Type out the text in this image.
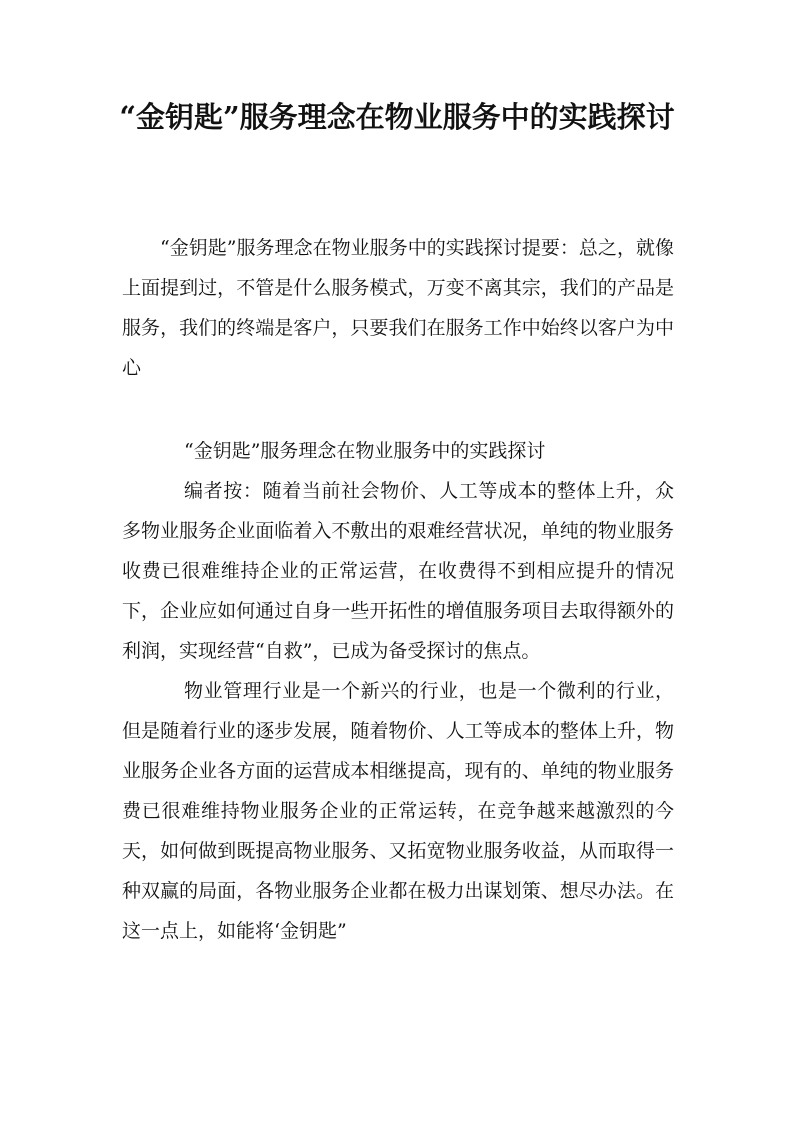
“金钥匙”服务理念在物业服务中的实践探讨

“金钥匙”服务理念在物业服务中的实践探讨提要：总之，就像上面提到过，不管是什么服务模式，万变不离其宗，我们的产品是服务，我们的终端是客户，只要我们在服务工作中始终以客户为中心

“金钥匙”服务理念在物业服务中的实践探讨

编者按：随着当前社会物价、人工等成本的整体上升，众多物业服务企业面临着入不敷出的艰难经营状况，单纯的物业服务收费已很难维持企业的正常运营，在收费得不到相应提升的情况下，企业应如何通过自身一些开拓性的增值服务项目去取得额外的利润，实现经营“自救”，已成为备受探讨的焦点。

物业管理行业是一个新兴的行业，也是一个微利的行业，但是随着行业的逐步发展，随着物价、人工等成本的整体上升，物业服务企业各方面的运营成本相继提高，现有的、单纯的物业服务费已很难维持物业服务企业的正常运转，在竞争越来越激烈的今天，如何做到既提高物业服务、又拓宽物业服务收益，从而取得一种双赢的局面，各物业服务企业都在极力出谋划策、想尽办法。在这一点上，如能将‘金钥匙”
